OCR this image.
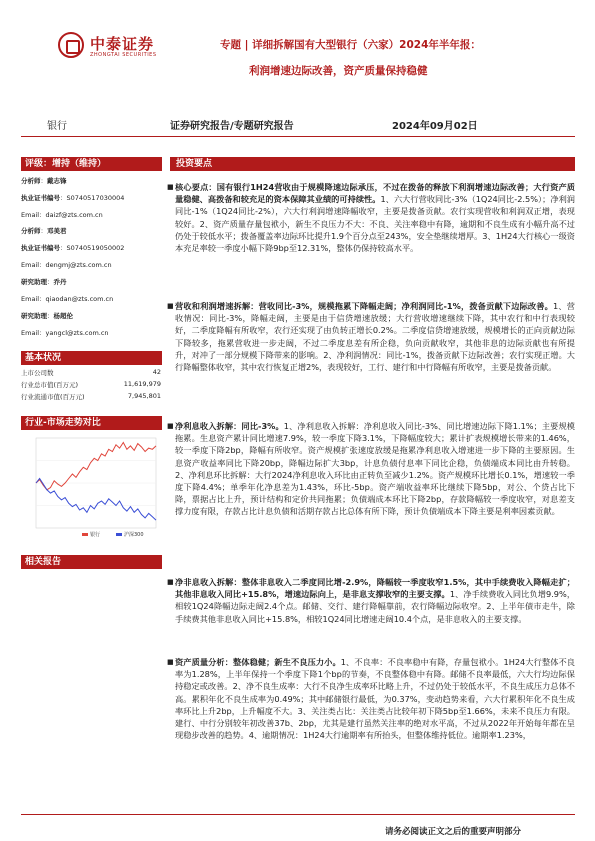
中泰证券
ZHONGTAI SECURITIES
专题 | 详细拆解国有大型银行（六家）2024年半年报：
利润增速边际改善，资产质量保持稳健
银行	证券研究报告/专题研究报告	2024年09月02日
评级：增持（维持）
分析师：戴志锋
执业证书编号：S0740517030004
Email：daizf@zts.com.cn
分析师：邓美君
执业证书编号：S0740519050002
Email：dengmj@zts.com.cn
研究助理：乔丹
Email：qiaodan@zts.com.cn
研究助理：杨超伦
Email：yangcl@zts.com.cn
基本状况
上市公司数	42
行业总市值(百万元)	11,619,979
行业流通市值(百万元)	7,945,801
行业-市场走势对比
银行	沪深300
相关报告
投资要点
■ 核心要点：国有银行1H24营收由于规模降速边际承压，不过在拨备的释放下利润增速边际改善；大行资产质量稳健、高拨备和较充足的资本保障其业绩的可持续性。1、六大行营收同比-3%（1Q24同比-2.5%）；净利润同比-1%（1Q24同比-2%），六大行利润增速降幅收窄，主要是拨备贡献。农行实现营收和利润双正增，表现较好。2、资产质量存量包袱小，新生不良压力不大：不良、关注率稳中有降，逾期和不良生成有小幅升高不过仍处于较低水平；拨备覆盖率边际环比提升1.9个百分点至243%，安全垫继续增厚。3、1H24大行核心一级资本充足率较一季度小幅下降9bp至12.31%，整体仍保持较高水平。
■ 营收和利润增速拆解：营收同比-3%，规模拖累下降幅走阔；净利润同比-1%，拨备贡献下边际改善。1、营收情况：同比-3%，降幅走阔，主要是由于信贷增速放缓；大行营收增速继续下降，其中农行和中行表现较好，二季度降幅有所收窄，农行还实现了由负转正增长0.2%。二季度信贷增速放缓，规模增长的正向贡献边际下降较多，拖累营收进一步走阔，不过二季度息差有所企稳，负向贡献收窄，其他非息的边际贡献也有所提升，对冲了一部分规模下降带来的影响。2、净利润情况：同比-1%，拨备贡献下边际改善；农行实现正增。大行降幅整体收窄，其中农行恢复正增2%，表现较好，工行、建行和中行降幅有所收窄，主要是拨备贡献。
■ 净利息收入拆解：同比-3%。1、净利息收入拆解：净利息收入同比-3%、同比增速边际下降1.1%；主要规模拖累。生息资产累计同比增速7.9%，较一季度下降3.1%，下降幅度较大；累计扩表规模增长带来的1.46%，较一季度下降2bp，降幅有所收窄。资产规模扩张速度放缓是拖累净利息收入增速进一步下降的主要原因。生息资产收益率同比下降20bp，降幅边际扩大3bp，计息负债付息率下同比企稳，负债端成本同比由升转稳。2、净利息环比拆解：大行2024净利息收入环比由正转负至减少1.2%。资产规模环比增长0.1%，增速较一季度下降4.4%；单季年化净息差为1.43%，环比-5bp。资产端收益率环比继续下降5bp，对公、个贷占比下降，票据占比上升，预计结构和定价共同拖累；负债端成本环比下降2bp，存款降幅较一季度收窄，对息差支撑力度有限，存款占比计息负债和活期存款占比总体有所下降，预计负债端成本下降主要是利率因素贡献。
■ 净非息收入拆解：整体非息收入二季度同比增-2.9%，降幅较一季度收窄1.5%，其中手续费收入降幅走扩；其他非息收入同比+15.8%，增速边际向上，是非息支撑收窄的主要支撑。1、净手续费收入同比负增9.9%，相较1Q24降幅边际走阔2.4个点。邮储、交行、建行降幅靠前，农行降幅边际收窄。2、上半年债市走牛，除手续费其他非息收入同比+15.8%，相较1Q24同比增速走阔10.4个点，是非息收入的主要支撑。
■ 资产质量分析：整体稳健；新生不良压力小。1、不良率：不良率稳中有降，存量包袱小。1H24大行整体不良率为1.28%，上半年保持一个季度下降1个bp的节奏，不良整体稳中有降。邮储不良率最低，六大行均边际保持稳定或改善。2、净不良生成率：大行不良净生成率环比略上升，不过仍处于较低水平，不良生成压力总体不高。累积年化不良生成率为0.49%；其中邮储银行最低，为0.37%，变动趋势来看，六大行累积年化不良生成率环比上升2bp，上升幅度不大。3、关注类占比：关注类占比较年初下降5bp至1.66%，未来不良压力有限。建行、中行分别较年初改善37b、2bp，尤其是建行虽然关注率的绝对水平高，不过从2022年开始每年都在呈现稳步改善的趋势。4、逾期情况：1H24大行逾期率有所抬头，但整体维持低位。逾期率1.23%，
请务必阅读正文之后的重要声明部分
